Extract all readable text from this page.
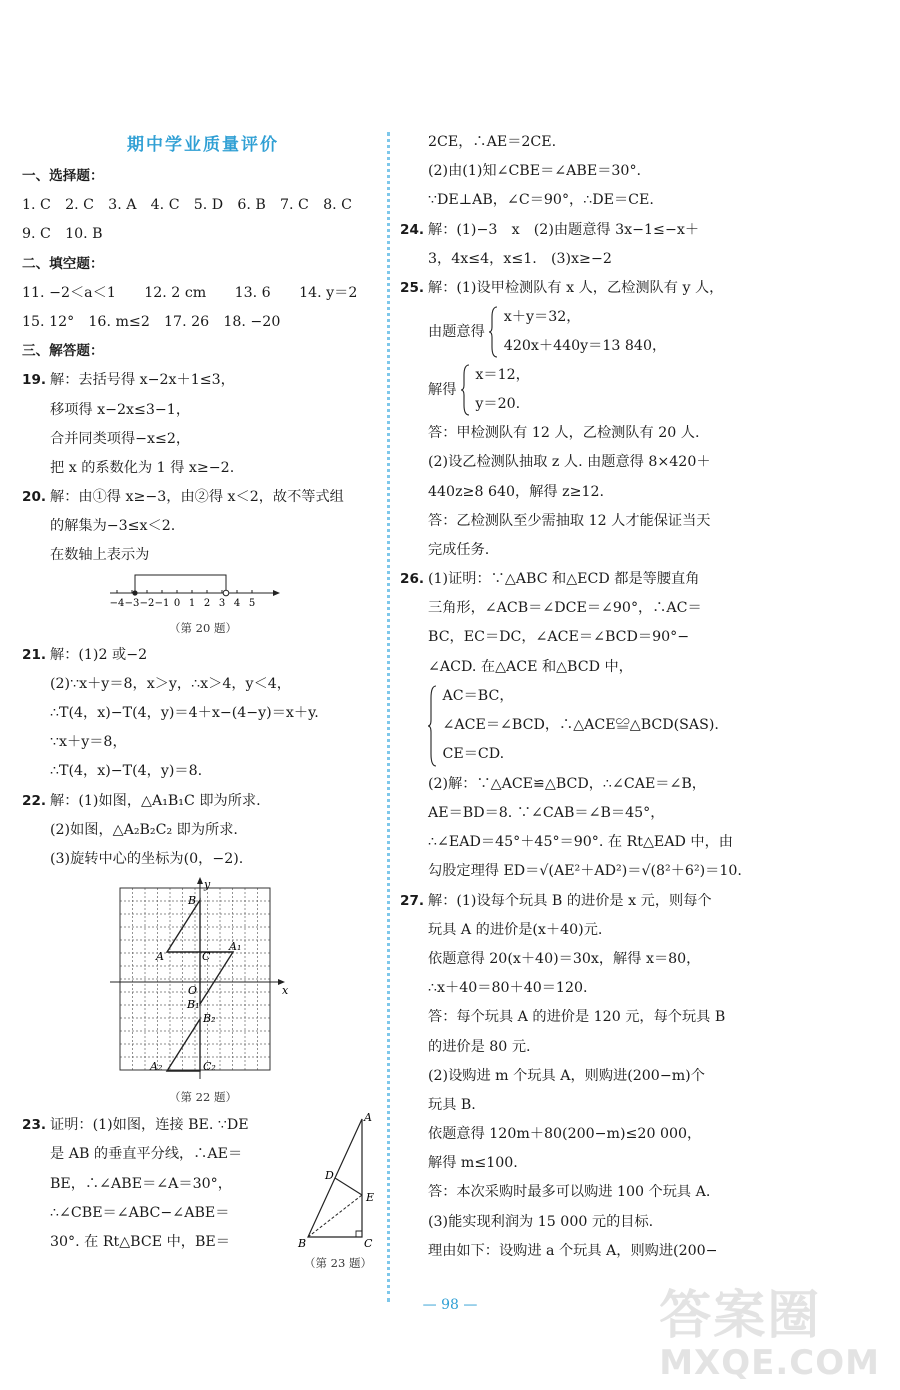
期中学业质量评价
一、选择题：
1. C　2. C　3. A　4. C　5. D　6. B　7. C　8. C
9. C　10. B
二、填空题：
11. −2＜a＜1　　12. 2 cm　　13. 6　　14. y＝2
15. 12°　16. m≤2　17. 26　18. −20
三、解答题：
19. 解：去括号得 x−2x＋1≤3，
移项得 x−2x≤3−1，
合并同类项得−x≤2，
把 x 的系数化为 1 得 x≥−2.
20. 解：由①得 x≥−3，由②得 x＜2，故不等式组
的解集为−3≤x＜2.
在数轴上表示为
−4 −3 −2 −1 0 1 2 3 4 5
（第 20 题）
21. 解：(1)2 或−2
(2)∵x＋y＝8，x＞y，∴x＞4，y＜4，
∴T(4，x)−T(4，y)＝4＋x−(4−y)＝x＋y.
∵x＋y＝8，
∴T(4，x)−T(4，y)＝8.
22. 解：(1)如图，△A₁B₁C 即为所求.
(2)如图，△A₂B₂C₂ 即为所求.
(3)旋转中心的坐标为(0，−2).
y
x
O
A
B
C
A₁
B₁
B₂
A₂	C₂
（第 22 题）
23. 证明：(1)如图，连接 BE. ∵DE
是 AB 的垂直平分线，∴AE＝
BE，∴∠ABE＝∠A＝30°，
∴∠CBE＝∠ABC−∠ABE＝
30°. 在 Rt△BCE 中，BE＝
A
D
E
B	C
（第 23 题）
2CE，∴AE＝2CE.
(2)由(1)知∠CBE＝∠ABE＝30°.
∵DE⊥AB，∠C＝90°，∴DE＝CE.
24. 解：(1)−3　x　(2)由题意得 3x−1≤−x＋
3，4x≤4，x≤1.　(3)x≥−2
25. 解：(1)设甲检测队有 x 人，乙检测队有 y 人，
由题意得
x＋y＝32，
420x＋440y＝13 840，
解得
x＝12，
y＝20.
答：甲检测队有 12 人，乙检测队有 20 人.
(2)设乙检测队抽取 z 人. 由题意得 8×420＋
440z≥8 640，解得 z≥12.
答：乙检测队至少需抽取 12 人才能保证当天
完成任务.
26. (1)证明：∵△ABC 和△ECD 都是等腰直角
三角形，∠ACB＝∠DCE＝∠90°，∴AC＝
BC，EC＝DC，∠ACE＝∠BCD＝90°−
∠ACD. 在△ACE 和△BCD 中，

AC＝BC，
∠ACE＝∠BCD，∴△ACE≌△BCD(SAS).
CE＝CD.
(2)解：∵△ACE≌△BCD，∴∠CAE＝∠B，
AE＝BD＝8. ∵∠CAB＝∠B＝45°，
∴∠EAD＝45°＋45°＝90°. 在 Rt△EAD 中，由
勾股定理得 ED＝√(AE²＋AD²)＝√(8²＋6²)＝10.
27. 解：(1)设每个玩具 B 的进价是 x 元，则每个
玩具 A 的进价是(x＋40)元.
依题意得 20(x＋40)＝30x，解得 x＝80，
∴x＋40＝80＋40＝120.
答：每个玩具 A 的进价是 120 元，每个玩具 B
的进价是 80 元.
(2)设购进 m 个玩具 A，则购进(200−m)个
玩具 B.
依题意得 120m＋80(200−m)≤20 000，
解得 m≤100.
答：本次采购时最多可以购进 100 个玩具 A.
(3)能实现利润为 15 000 元的目标.
理由如下：设购进 a 个玩具 A，则购进(200−
— 98 —	答案圈
MXQE.COM
